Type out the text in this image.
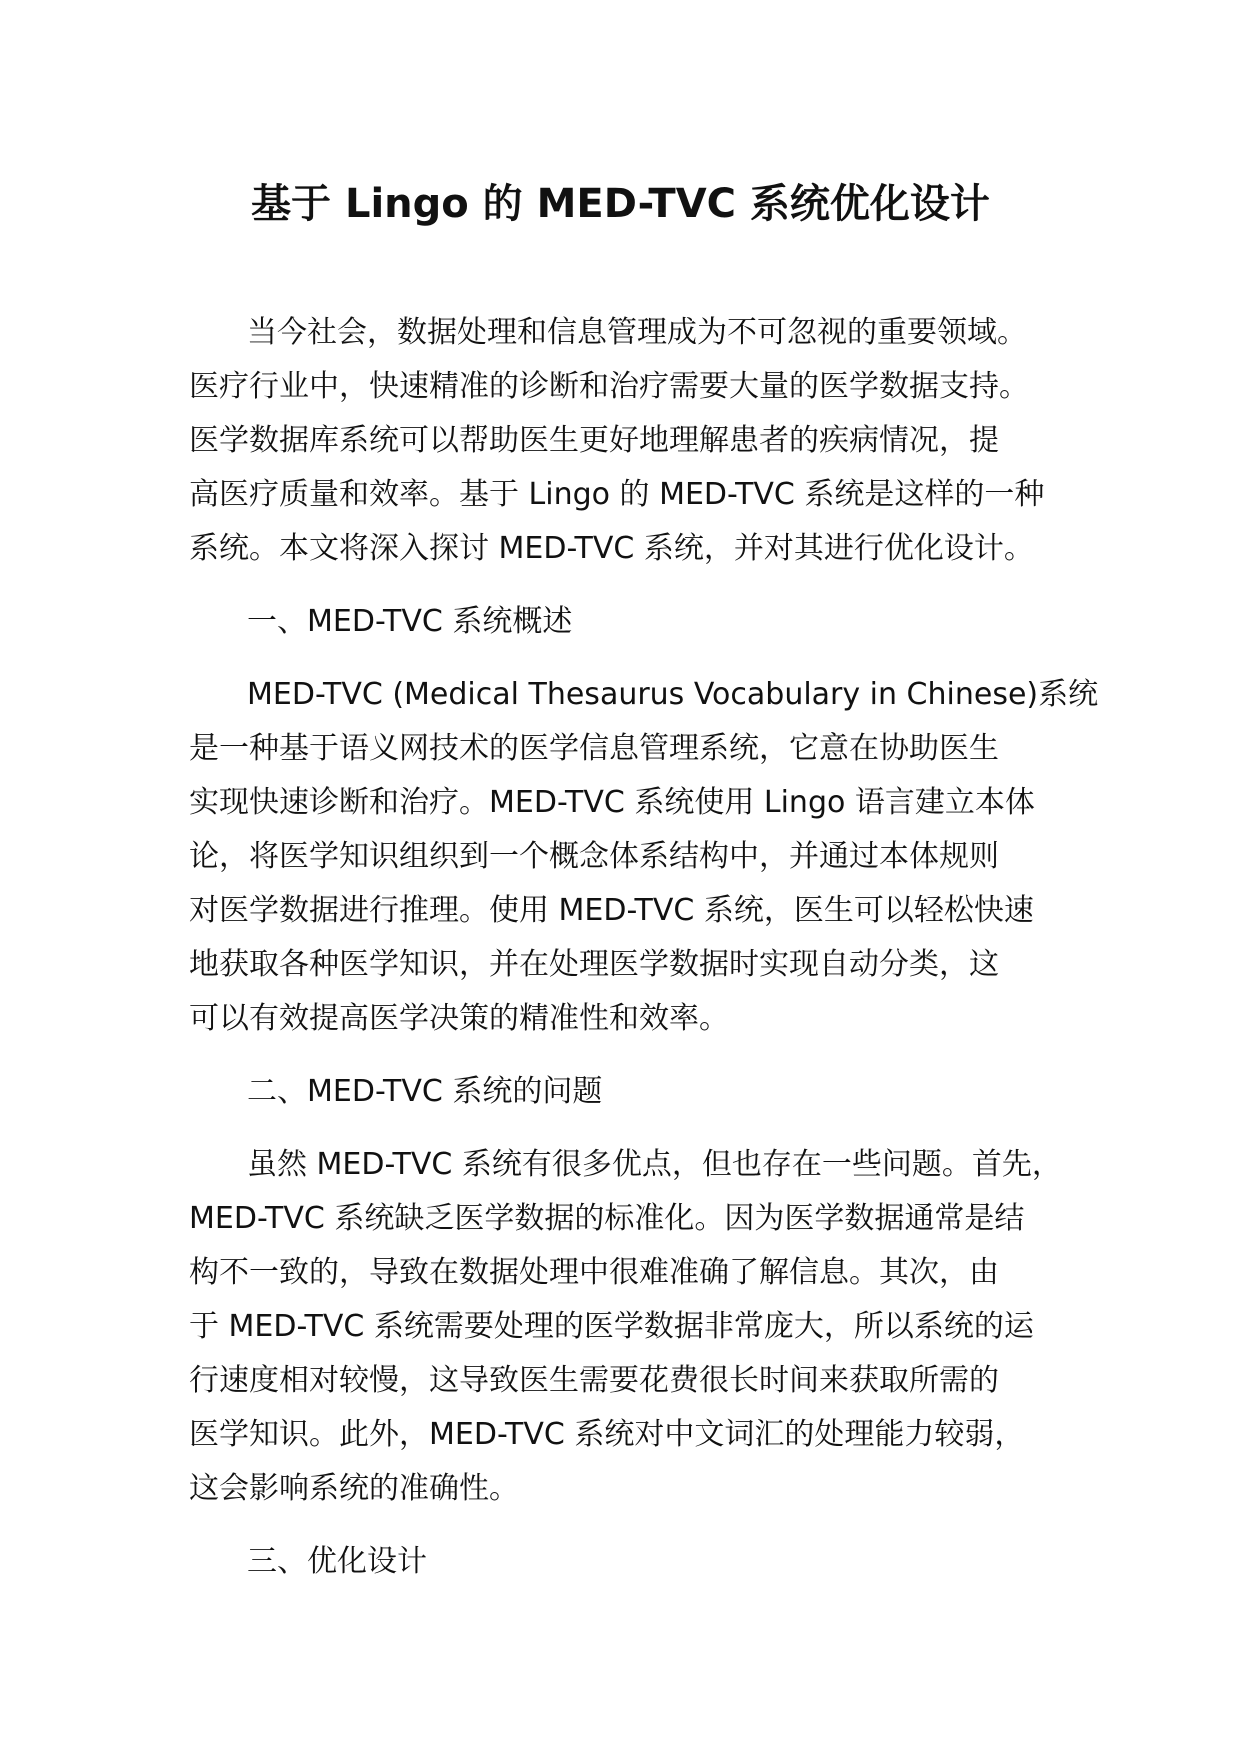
基于 Lingo 的 MED-TVC 系统优化设计

当今社会，数据处理和信息管理成为不可忽视的重要领域。
医疗行业中，快速精准的诊断和治疗需要大量的医学数据支持。
医学数据库系统可以帮助医生更好地理解患者的疾病情况，提
高医疗质量和效率。基于 Lingo 的 MED-TVC 系统是这样的一种
系统。本文将深入探讨 MED-TVC 系统，并对其进行优化设计。

一、MED-TVC 系统概述

MED-TVC (Medical Thesaurus Vocabulary in Chinese)系统
是一种基于语义网技术的医学信息管理系统，它意在协助医生
实现快速诊断和治疗。MED-TVC 系统使用 Lingo 语言建立本体
论，将医学知识组织到一个概念体系结构中，并通过本体规则
对医学数据进行推理。使用 MED-TVC 系统，医生可以轻松快速
地获取各种医学知识，并在处理医学数据时实现自动分类，这
可以有效提高医学决策的精准性和效率。

二、MED-TVC 系统的问题

虽然 MED-TVC 系统有很多优点，但也存在一些问题。首先，
MED-TVC 系统缺乏医学数据的标准化。因为医学数据通常是结
构不一致的，导致在数据处理中很难准确了解信息。其次，由
于 MED-TVC 系统需要处理的医学数据非常庞大，所以系统的运
行速度相对较慢，这导致医生需要花费很长时间来获取所需的
医学知识。此外，MED-TVC 系统对中文词汇的处理能力较弱，
这会影响系统的准确性。

三、优化设计
